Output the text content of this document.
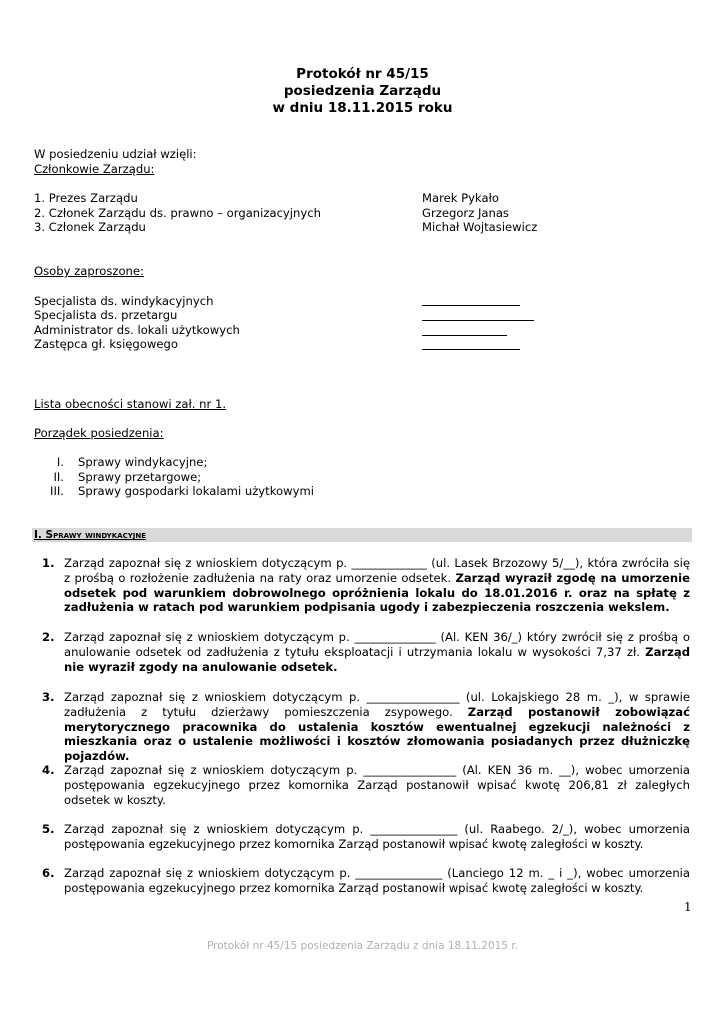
Protokół nr 45/15
posiedzenia Zarządu
w dniu 18.11.2015 roku
W posiedzeniu udział wzięli:
Członkowie Zarządu:
1. Prezes Zarządu	Marek Pykało
2. Członek Zarządu ds. prawno – organizacyjnych	Grzegorz Janas
3. Członek Zarządu	Michał Wojtasiewicz
Osoby zaproszone:
Specjalista ds. windykacyjnych
Specjalista ds. przetargu
Administrator ds. lokali użytkowych
Zastępca gł. księgowego
Lista obecności stanowi zał. nr 1.
Porządek posiedzenia:
I. Sprawy windykacyjne;
II. Sprawy przetargowe;
III. Sprawy gospodarki lokalami użytkowymi
I. Sprawy windykacyjne
1. Zarząd zapoznał się z wnioskiem dotyczącym p. _____________ (ul. Lasek Brzozowy 5/__), która zwróciła się z prośbą o rozłożenie zadłużenia na raty oraz umorzenie odsetek. Zarząd wyraził zgodę na umorzenie odsetek pod warunkiem dobrowolnego opróżnienia lokalu do 18.01.2016 r. oraz na spłatę z zadłużenia w ratach pod warunkiem podpisania ugody i zabezpieczenia roszczenia wekslem.
2. Zarząd zapoznał się z wnioskiem dotyczącym p. ______________ (Al. KEN 36/_) który zwrócił się z prośbą o anulowanie odsetek od zadłużenia z tytułu eksploatacji i utrzymania lokalu w wysokości 7,37 zł. Zarząd nie wyraził zgody na anulowanie odsetek.
3. Zarząd zapoznał się z wnioskiem dotyczącym p. ________________ (ul. Lokajskiego 28 m. _), w sprawie zadłużenia z tytułu dzierżawy pomieszczenia zsypowego. Zarząd postanowił zobowiązać merytorycznego pracownika do ustalenia kosztów ewentualnej egzekucji należności z mieszkania oraz o ustalenie możliwości i kosztów złomowania posiadanych przez dłużniczkę pojazdów.
4. Zarząd zapoznał się z wnioskiem dotyczącym p. ________________ (Al. KEN 36 m. __), wobec umorzenia postępowania egzekucyjnego przez komornika Zarząd postanowił wpisać kwotę 206,81 zł zaległych odsetek w koszty.
5. Zarząd zapoznał się z wnioskiem dotyczącym p. _______________ (ul. Raabego. 2/_), wobec umorzenia postępowania egzekucyjnego przez komornika Zarząd postanowił wpisać kwotę zaległości w koszty.
6. Zarząd zapoznał się z wnioskiem dotyczącym p. _______________ (Lanciego 12 m. _ i _), wobec umorzenia postępowania egzekucyjnego przez komornika Zarząd postanowił wpisać kwotę zaległości w koszty.
1
Protokół nr 45/15 posiedzenia Zarządu z dnia 18.11.2015 r.
